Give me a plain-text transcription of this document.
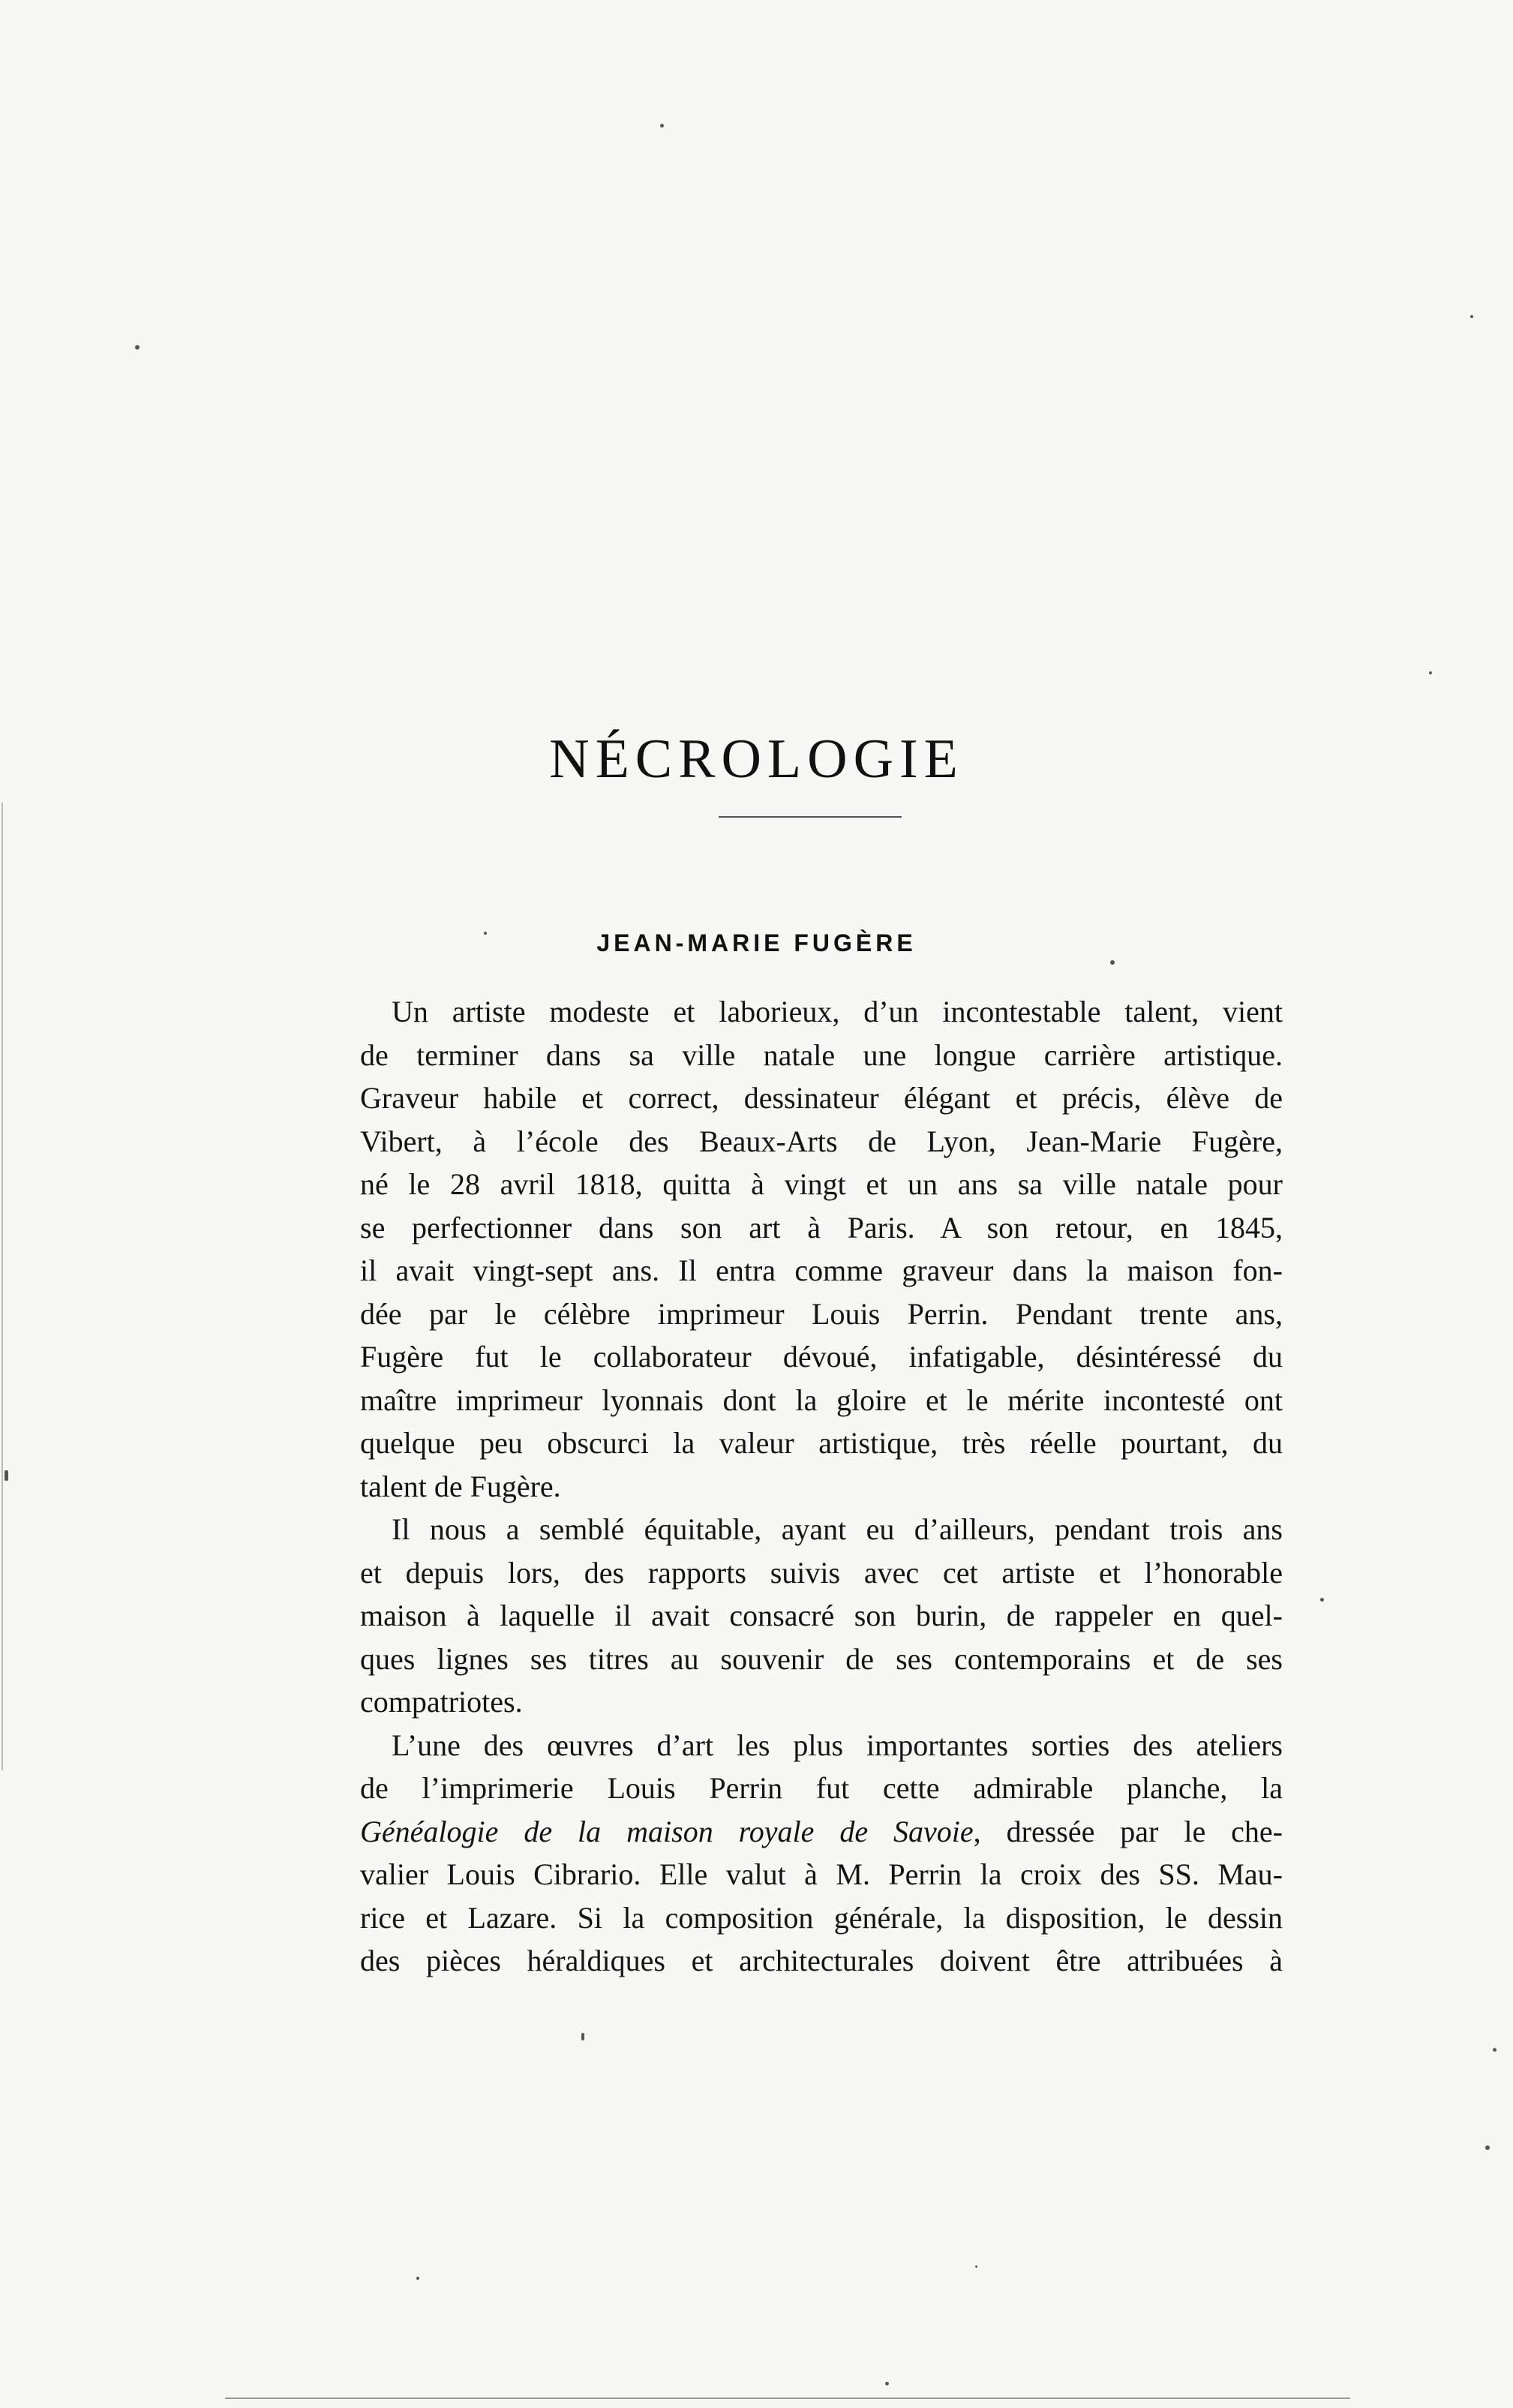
NÉCROLOGIE
JEAN-MARIE FUGÈRE

Un artiste modeste et laborieux, d’un incontestable talent, vient
de terminer dans sa ville natale une longue carrière artistique.
Graveur habile et correct, dessinateur élégant et précis, élève de
Vibert, à l’école des Beaux-Arts de Lyon, Jean-Marie Fugère,
né le 28 avril 1818, quitta à vingt et un ans sa ville natale pour
se perfectionner dans son art à Paris. A son retour, en 1845,
il avait vingt-sept ans. Il entra comme graveur dans la maison fon-
dée par le célèbre imprimeur Louis Perrin. Pendant trente ans,
Fugère fut le collaborateur dévoué, infatigable, désintéressé du
maître imprimeur lyonnais dont la gloire et le mérite incontesté ont
quelque peu obscurci la valeur artistique, très réelle pourtant, du
talent de Fugère.

Il nous a semblé équitable, ayant eu d’ailleurs, pendant trois ans
et depuis lors, des rapports suivis avec cet artiste et l’honorable
maison à laquelle il avait consacré son burin, de rappeler en quel-
ques lignes ses titres au souvenir de ses contemporains et de ses
compatriotes.

L’une des œuvres d’art les plus importantes sorties des ateliers
de l’imprimerie Louis Perrin fut cette admirable planche, la
Généalogie de la maison royale de Savoie, dressée par le che-
valier Louis Cibrario. Elle valut à M. Perrin la croix des SS. Mau-
rice et Lazare. Si la composition générale, la disposition, le dessin
des pièces héraldiques et architecturales doivent être attribuées à
